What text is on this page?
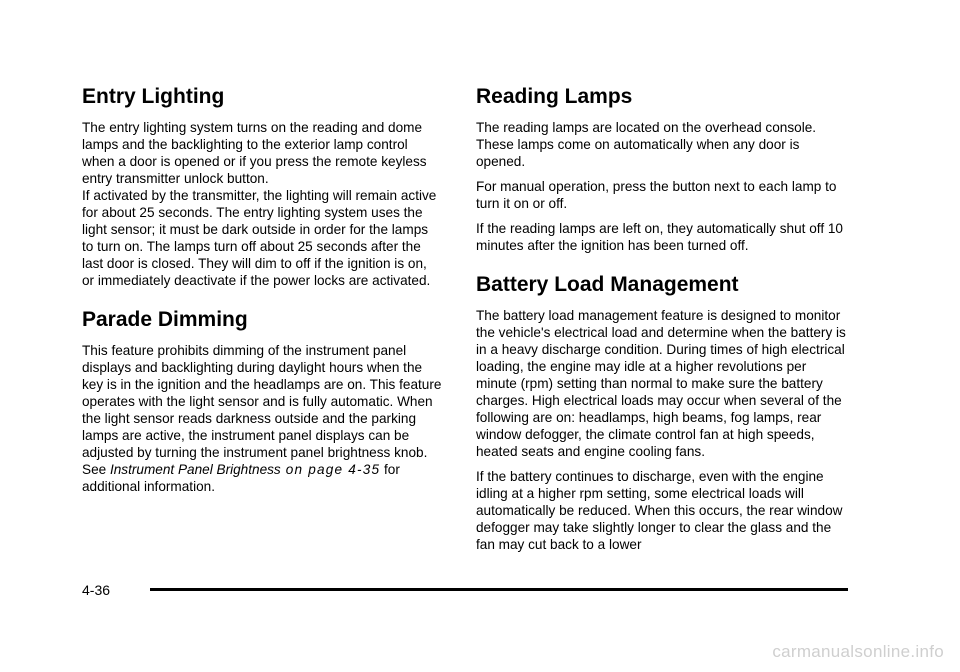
Entry Lighting

The entry lighting system turns on the reading and dome lamps and the backlighting to the exterior lamp control when a door is opened or if you press the remote keyless entry transmitter unlock button.

If activated by the transmitter, the lighting will remain active for about 25 seconds. The entry lighting system uses the light sensor; it must be dark outside in order for the lamps to turn on. The lamps turn off about 25 seconds after the last door is closed. They will dim to off if the ignition is on, or immediately deactivate if the power locks are activated.

Parade Dimming

This feature prohibits dimming of the instrument panel displays and backlighting during daylight hours when the key is in the ignition and the headlamps are on. This feature operates with the light sensor and is fully automatic. When the light sensor reads darkness outside and the parking lamps are active, the instrument panel displays can be adjusted by turning the instrument panel brightness knob. See Instrument Panel Brightness on page 4-35 for additional information.

Reading Lamps

The reading lamps are located on the overhead console. These lamps come on automatically when any door is opened.

For manual operation, press the button next to each lamp to turn it on or off.

If the reading lamps are left on, they automatically shut off 10 minutes after the ignition has been turned off.

Battery Load Management

The battery load management feature is designed to monitor the vehicle's electrical load and determine when the battery is in a heavy discharge condition. During times of high electrical loading, the engine may idle at a higher revolutions per minute (rpm) setting than normal to make sure the battery charges. High electrical loads may occur when several of the following are on: headlamps, high beams, fog lamps, rear window defogger, the climate control fan at high speeds, heated seats and engine cooling fans.

If the battery continues to discharge, even with the engine idling at a higher rpm setting, some electrical loads will automatically be reduced. When this occurs, the rear window defogger may take slightly longer to clear the glass and the fan may cut back to a lower

4-36
carmanualsonline.info
